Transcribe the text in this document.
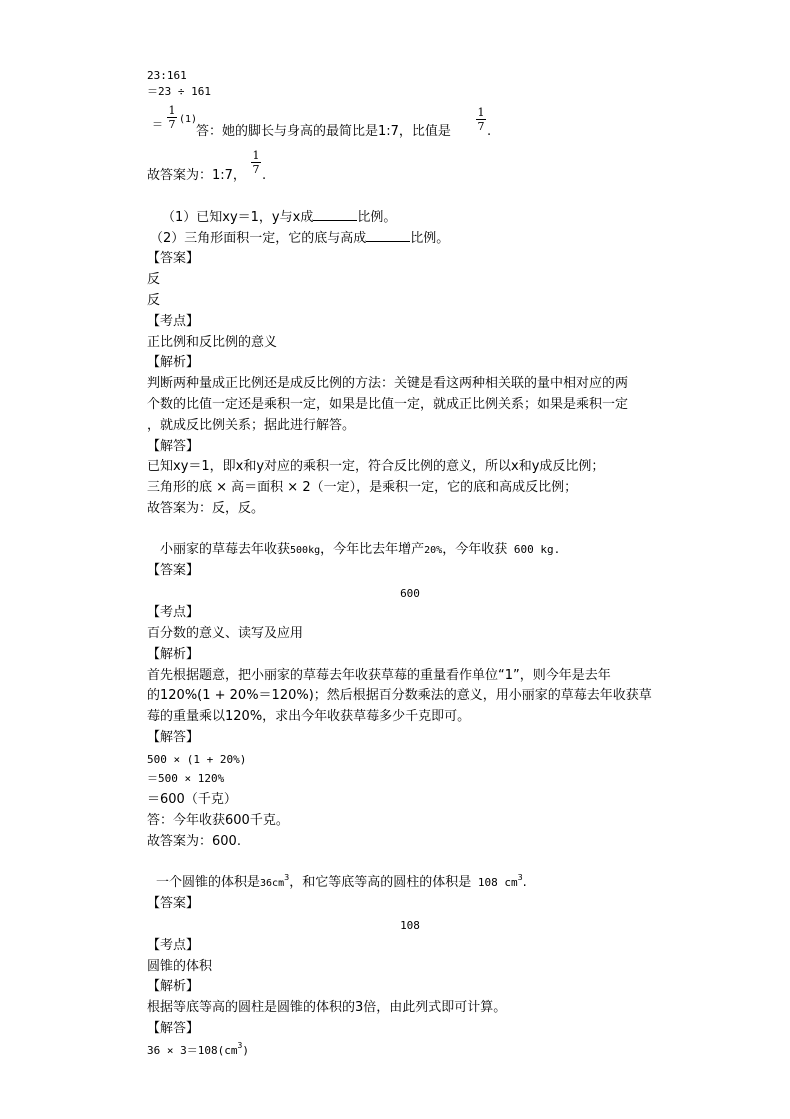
23:161
＝23 ÷ 161
＝ $\frac{1}{7} (1)$
答：她的脚长与身高的最简比是1:7，比值是 $\frac{1}{7}$ .
故答案为：1:7， $\frac{1}{7}$ .
（1）已知xy＝1，y与x成	比例。
（2）三角形面积一定，它的底与高成	比例。
【答案】
反
反
【考点】
正比例和反比例的意义
【解析】
判断两种量成正比例还是成反比例的方法：关键是看这两种相关联的量中相对应的两
个数的比值一定还是乘积一定，如果是比值一定，就成正比例关系；如果是乘积一定
，就成反比例关系；据此进行解答。
【解答】
已知xy＝1，即x和y对应的乘积一定，符合反比例的意义，所以x和y成反比例；
三角形的底 × 高＝面积 × 2（一定），是乘积一定，它的底和高成反比例；
故答案为：反，反。
小丽家的草莓去年收获500kg，今年比去年增产20%，今年收获 600 kg.
【答案】
600
【考点】
百分数的意义、读写及应用
【解析】
首先根据题意，把小丽家的草莓去年收获草莓的重量看作单位“1”，则今年是去年
的120%(1 + 20%＝120%)；然后根据百分数乘法的意义，用小丽家的草莓去年收获草
莓的重量乘以120%，求出今年收获草莓多少千克即可。
【解答】
500 × (1 + 20%)
＝500 × 120%
＝600（千克）
答：今年收获600千克。
故答案为：600.
一个圆锥的体积是$36cm^3$，和它等底等高的圆柱的体积是 108 $cm^3$.
【答案】
108
【考点】
圆锥的体积
【解析】
根据等底等高的圆柱是圆锥的体积的3倍，由此列式即可计算。
【解答】
$36 \times 3=108(cm^3)$
